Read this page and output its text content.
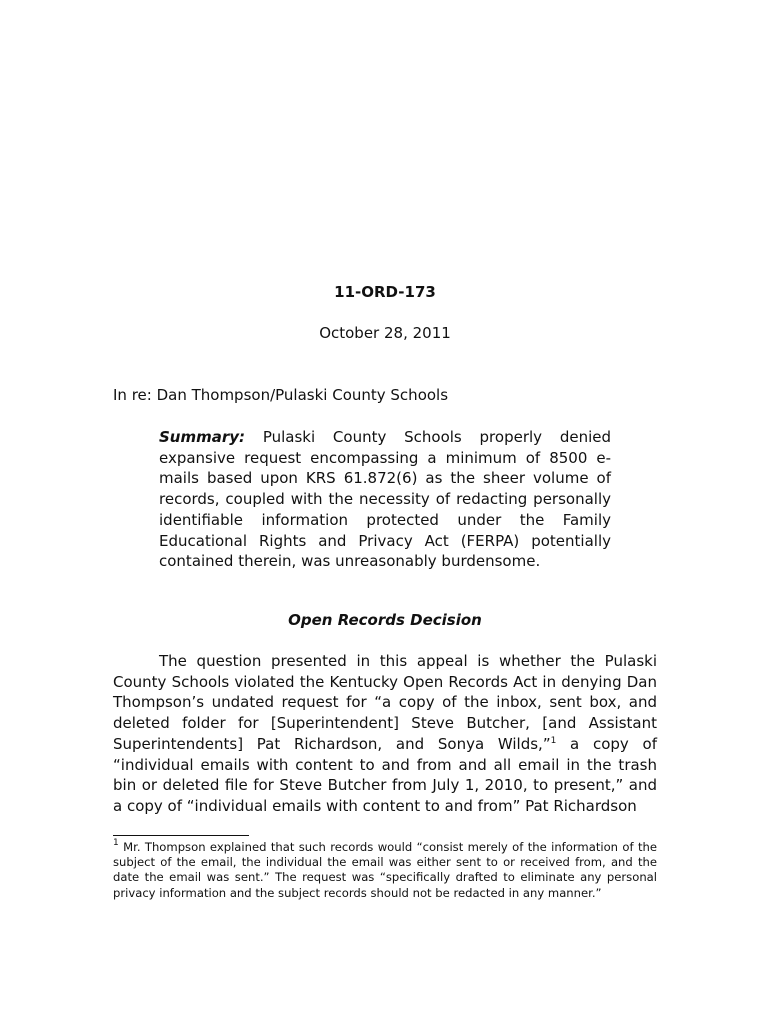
11-ORD-173
October 28, 2011
In re: Dan Thompson/Pulaski County Schools
Summary: Pulaski County Schools properly denied expansive request encompassing a minimum of 8500 e-mails based upon KRS 61.872(6) as the sheer volume of records, coupled with the necessity of redacting personally identifiable information protected under the Family Educational Rights and Privacy Act (FERPA) potentially contained therein, was unreasonably burdensome.
Open Records Decision
The question presented in this appeal is whether the Pulaski County Schools violated the Kentucky Open Records Act in denying Dan Thompson’s undated request for “a copy of the inbox, sent box, and deleted folder for [Superintendent] Steve Butcher, [and Assistant Superintendents] Pat Richardson, and Sonya Wilds,”$^1$ a copy of “individual emails with content to and from and all email in the trash bin or deleted file for Steve Butcher from July 1, 2010, to present,” and a copy of “individual emails with content to and from” Pat Richardson
$^1$ Mr. Thompson explained that such records would “consist merely of the information of the subject of the email, the individual the email was either sent to or received from, and the date the email was sent.” The request was “specifically drafted to eliminate any personal privacy information and the subject records should not be redacted in any manner.”
